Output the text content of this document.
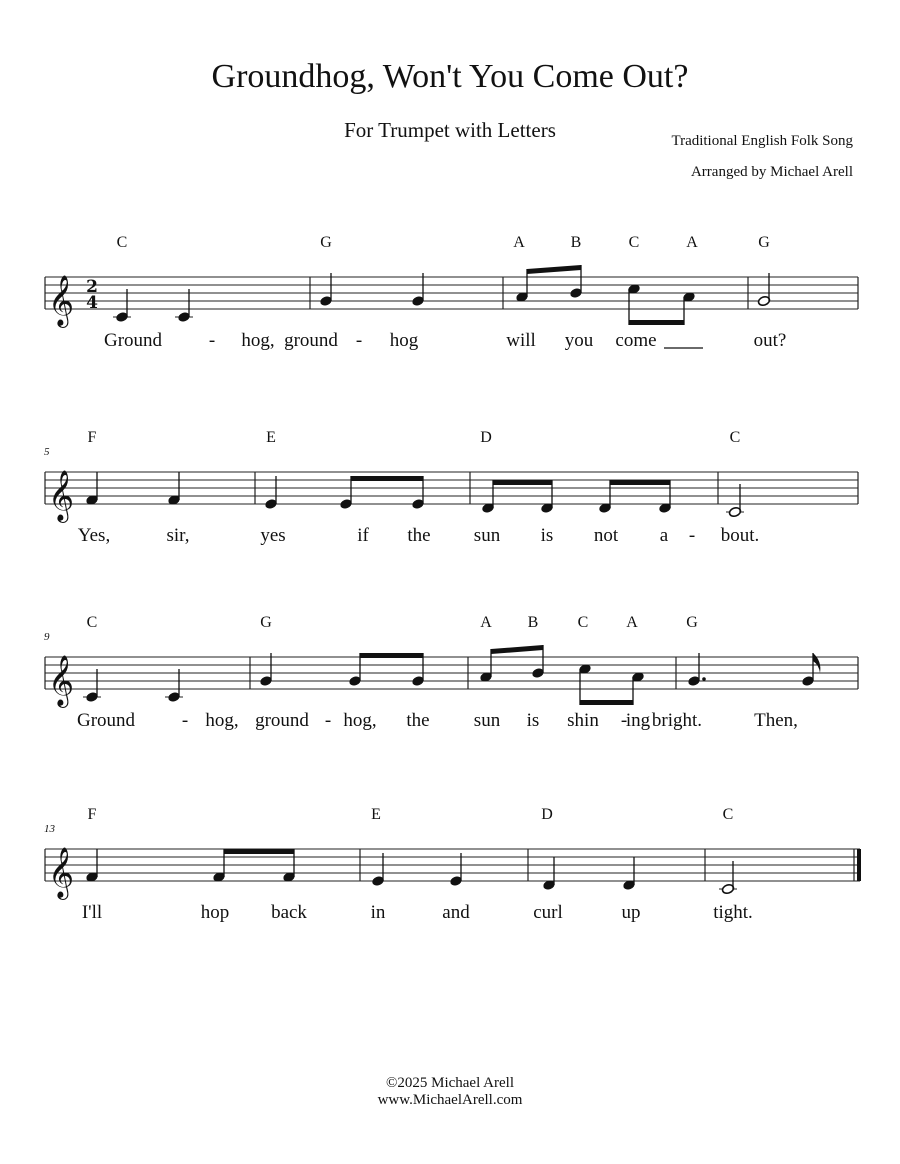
Groundhog, Won't You Come Out?
For Trumpet with Letters	Traditional English Folk Song
Arranged by Michael Arell
𝄞 2
4
C	G	A	B	C	A	G
Ground - hog, ground - hog	will you come	out?
𝄞
5
F	E	D	C
Yes,	sir,	yes	if the sun is not a - bout.
𝄞
9
C	G	A B C A	G
Ground - hog, ground - hog, the sun is shin -
ing bright.	Then,
𝄞
13
F	E	D	C
I'll	hop back	in	and	curl	up	tight.
©2025 Michael Arell
www.MichaelArell.com
